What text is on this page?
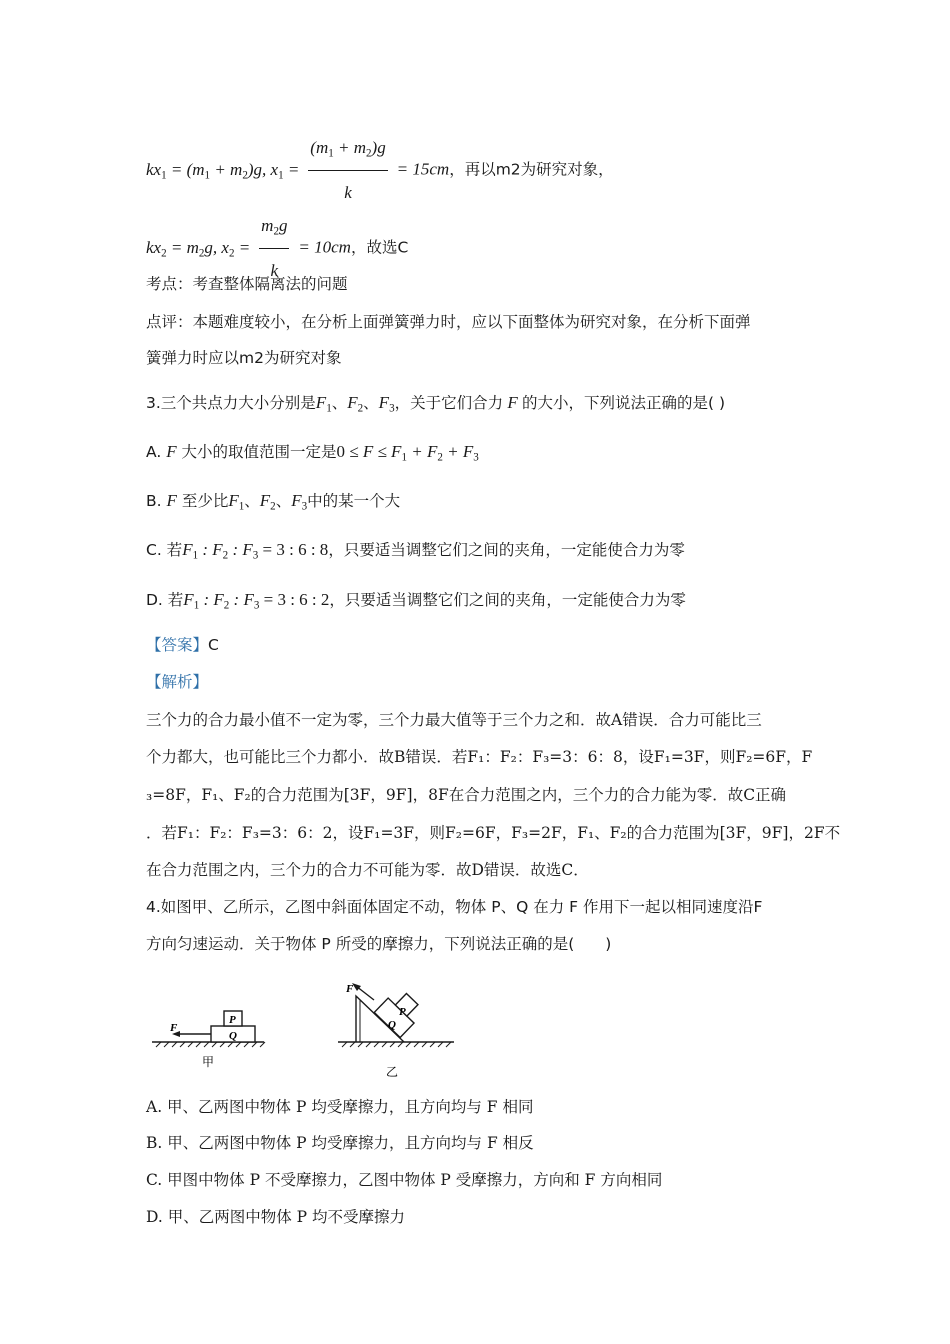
$kx_1 = (m_1 + m_2)g$, $x_1 = \frac{(m_1 + m_2)g}{k} = 15cm$，再以m2为研究对象，
$kx_2 = m_2g$, $x_2 = \frac{m_2g}{k} = 10cm$，故选C
考点：考查整体隔离法的问题
点评：本题难度较小，在分析上面弹簧弹力时，应以下面整体为研究对象，在分析下面弹
簧弹力时应以m2为研究对象
3.三个共点力大小分别是$F_1$、$F_2$、$F_3$，关于它们合力 F 的大小，下列说法正确的是( )
A. F 大小的取值范围一定是$0 \le F \le F_1 + F_2 + F_3$
B. F 至少比$F_1$、$F_2$、$F_3$中的某一个大
C. 若$F_1$ : $F_2$ : $F_3 = 3$ : 6 : 8，只要适当调整它们之间的夹角，一定能使合力为零
D. 若$F_1$ : $F_2$ : $F_3 = 3$ : 6 : 2，只要适当调整它们之间的夹角，一定能使合力为零
【答案】C
【解析】
三个力的合力最小值不一定为零，三个力最大值等于三个力之和．故A错误．合力可能比三
个力都大，也可能比三个力都小．故B错误．若F₁：F₂：F₃=3：6：8，设F₁=3F，则F₂=6F，F
₃=8F，F₁、F₂的合力范围为[3F，9F]，8F在合力范围之内，三个力的合力能为零．故C正确
．若F₁：F₂：F₃=3：6：2，设F₁=3F，则F₂=6F，F₃=2F，F₁、F₂的合力范围为[3F，9F]，2F不
在合力范围之内，三个力的合力不可能为零．故D错误．故选C．
4.如图甲、乙所示，乙图中斜面体固定不动，物体 P、Q 在力 F 作用下一起以相同速度沿F
方向匀速运动．关于物体 P 所受的摩擦力，下列说法正确的是(　　)
F
P
Q
甲
F
P
Q
乙
A. 甲、乙两图中物体 P 均受摩擦力，且方向均与 F 相同
B. 甲、乙两图中物体 P 均受摩擦力，且方向均与 F 相反
C. 甲图中物体 P 不受摩擦力，乙图中物体 P 受摩擦力，方向和 F 方向相同
D. 甲、乙两图中物体 P 均不受摩擦力
